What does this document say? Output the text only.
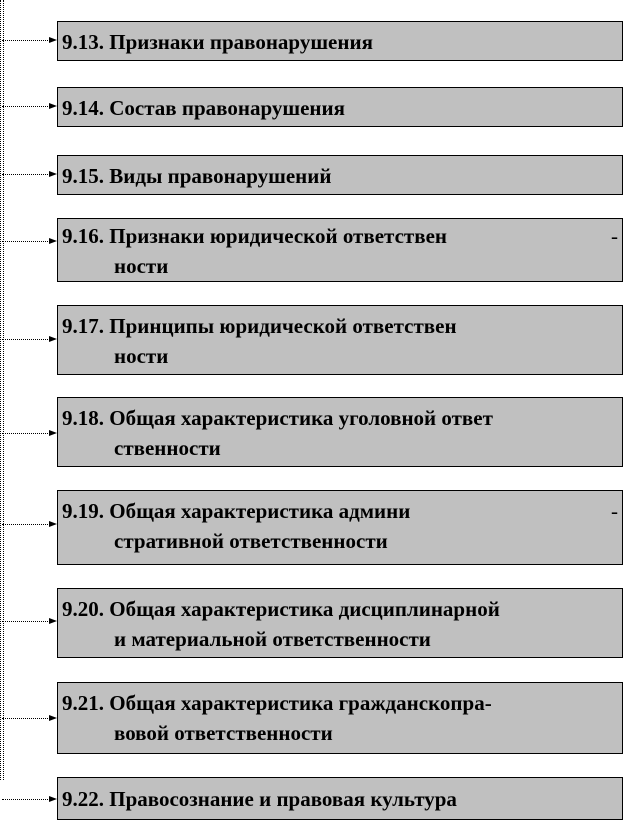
9.13. Признаки правонарушения
9.14. Состав правонарушения
9.15. Виды правонарушений
9.16. Признаки юридической ответствен	-
ности
9.17. Принципы юридической ответствен
ности
9.18. Общая характеристика уголовной ответ
ственности
9.19. Общая характеристика админи	-
стративной ответственности
9.20. Общая характеристика дисциплинарной
и материальной ответственности
9.21. Общая характеристика гражданскопра-
вовой ответственности
9.22. Правосознание и правовая культура
